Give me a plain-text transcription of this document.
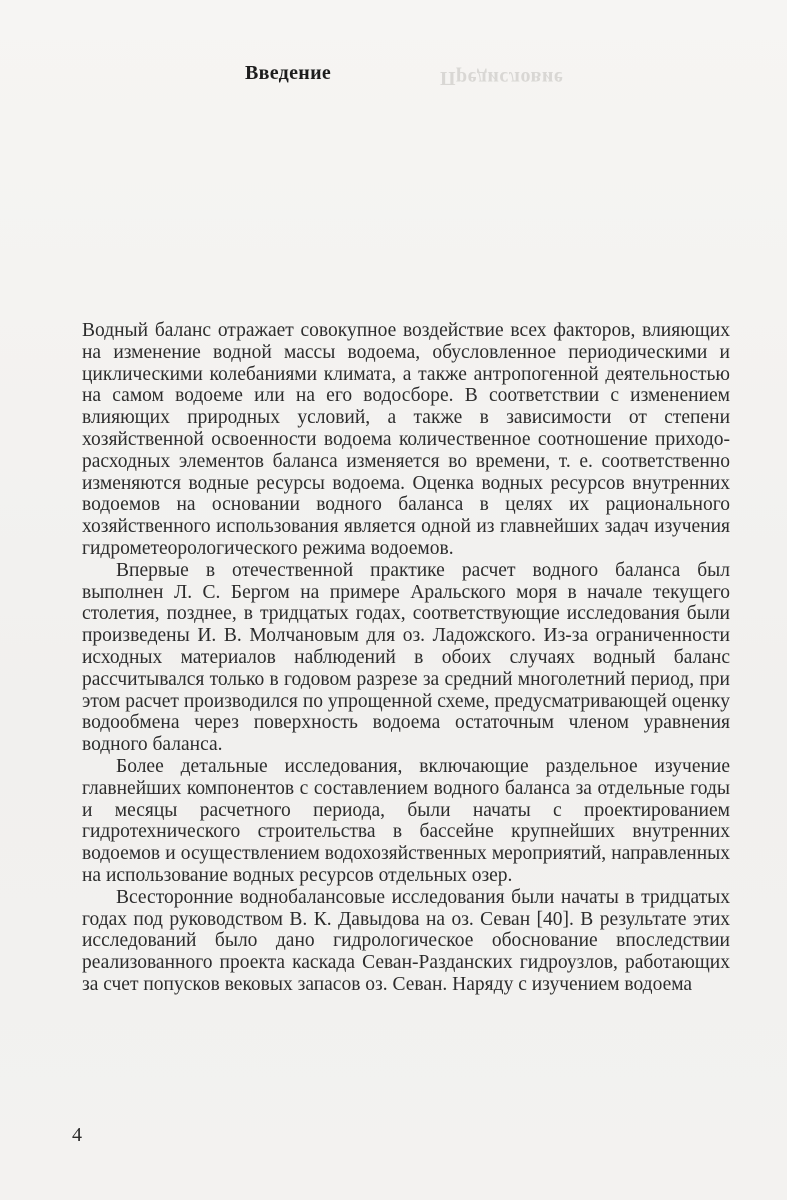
Предисловие
Введение

Водный баланс отражает совокупное воздействие всех факторов, влияющих на изменение водной массы водоема, обусловленное периодическими и циклическими колебаниями климата, а также антропогенной деятельностью на самом водоеме или на его водосборе. В соответствии с изменением влияющих природных условий, а также в зависимости от степени хозяйственной освоенности водоема количественное соотношение приходо-расходных элементов баланса изменяется во времени, т. е. соответственно изменяются водные ресурсы водоема. Оценка водных ресурсов внутренних водоемов на основании водного баланса в целях их рационального хозяйственного использования является одной из главнейших задач изучения гидрометеорологического режима водоемов.

Впервые в отечественной практике расчет водного баланса был выполнен Л. С. Бергом на примере Аральского моря в начале текущего столетия, позднее, в тридцатых годах, соответствующие исследования были произведены И. В. Молчановым для оз. Ладожского. Из-за ограниченности исходных материалов наблюдений в обоих случаях водный баланс рассчитывался только в годовом разрезе за средний многолетний период, при этом расчет производился по упрощенной схеме, предусматривающей оценку водообмена через поверхность водоема остаточным членом уравнения водного баланса.

Более детальные исследования, включающие раздельное изучение главнейших компонентов с составлением водного баланса за отдельные годы и месяцы расчетного периода, были начаты с проектированием гидротехнического строительства в бассейне крупнейших внутренних водоемов и осуществлением водохозяйственных мероприятий, направленных на использование водных ресурсов отдельных озер.

Всесторонние воднобалансовые исследования были начаты в тридцатых годах под руководством В. К. Давыдова на оз. Севан [40]. В результате этих исследований было дано гидрологическое обоснование впоследствии реализованного проекта каскада Севан-Разданских гидроузлов, работающих за счет попусков вековых запасов оз. Севан. Наряду с изучением водоема

4
